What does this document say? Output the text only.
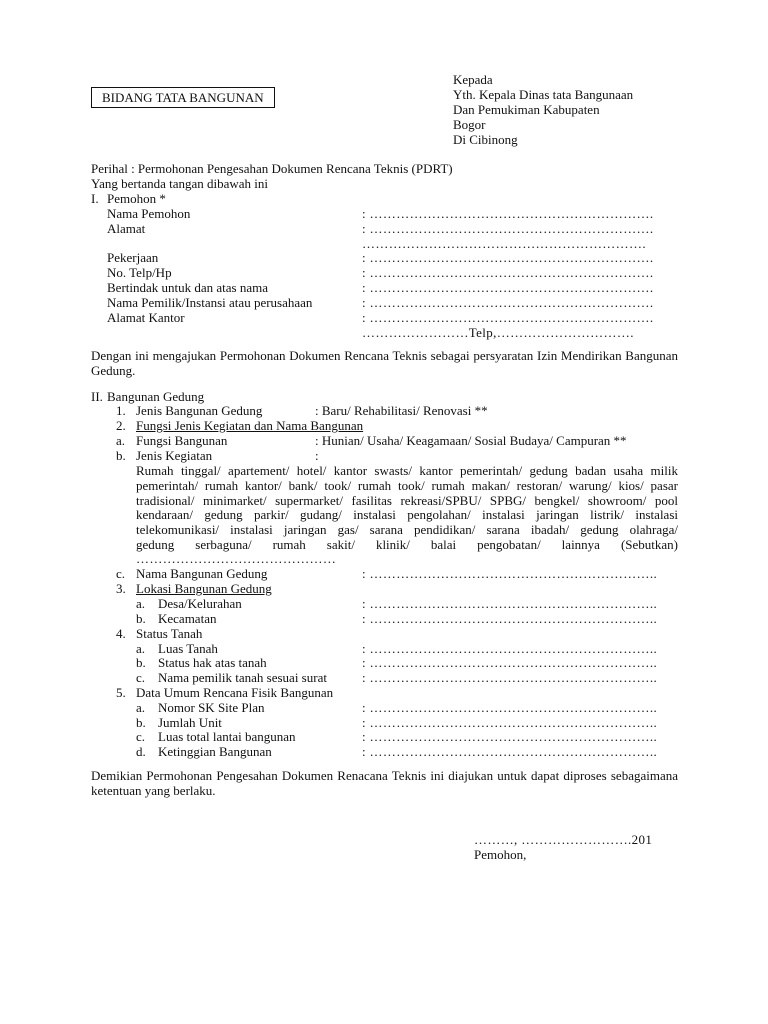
BIDANG TATA BANGUNAN
Kepada
Yth. Kepala Dinas tata Bangunaan
Dan Pemukiman Kabupaten
Bogor
Di Cibinong
Perihal : Permohonan Pengesahan Dokumen Rencana Teknis (PDRT)
Yang bertanda tangan dibawah ini
I. Pemohon *
Nama Pemohon	: ……………………………………………………….
Alamat	: ……………………………………………………….
……………………………………………………….
Pekerjaan	: ……………………………………………………….
No. Telp/Hp	: ……………………………………………………….
Bertindak untuk dan atas nama	: ……………………………………………………….
Nama Pemilik/Instansi atau perusahaan	: ……………………………………………………….
Alamat Kantor	: ……………………………………………………….
……………………Telp,………………………….
Dengan ini mengajukan Permohonan Dokumen Rencana Teknis sebagai persyaratan Izin Mendirikan Bangunan Gedung.
II. Bangunan Gedung
1. Jenis Bangunan Gedung	: Baru/ Rehabilitasi/ Renovasi **
2. Fungsi Jenis Kegiatan dan Nama Bangunan
a. Fungsi Bangunan	: Hunian/ Usaha/ Keagamaan/ Sosial Budaya/ Campuran **
b. Jenis Kegiatan	:
Rumah tinggal/ apartement/ hotel/ kantor swasts/ kantor pemerintah/ gedung badan usaha milik
pemerintah/ rumah kantor/ bank/ took/ rumah took/ rumah makan/ restoran/ warung/ kios/ pasar
tradisional/ minimarket/ supermarket/ fasilitas rekreasi/SPBU/ SPBG/ bengkel/ showroom/ pool
kendaraan/ gedung parkir/ gudang/ instalasi pengolahan/ instalasi jaringan listrik/ instalasi
telekomunikasi/ instalasi jaringan gas/ sarana pendidikan/ sarana ibadah/ gedung olahraga/
gedung serbaguna/ rumah sakit/ klinik/ balai pengobatan/ lainnya (Sebutkan)
………………………………………
c. Nama Bangunan Gedung	: ………………………………………………………..
3. Lokasi Bangunan Gedung
a. Desa/Kelurahan	: ………………………………………………………..
b. Kecamatan	: ………………………………………………………..
4. Status Tanah
a. Luas Tanah	: ………………………………………………………..
b. Status hak atas tanah	: ………………………………………………………..
c. Nama pemilik tanah sesuai surat	: ………………………………………………………..
5. Data Umum Rencana Fisik Bangunan
a. Nomor SK Site Plan	: ………………………………………………………..
b. Jumlah Unit	: ………………………………………………………..
c. Luas total lantai bangunan	: ………………………………………………………..
d. Ketinggian Bangunan	: ………………………………………………………..
Demikian Permohonan Pengesahan Dokumen Renacana Teknis ini diajukan untuk dapat diproses sebagaimana ketentuan yang berlaku.
………, …………………….201
Pemohon,
